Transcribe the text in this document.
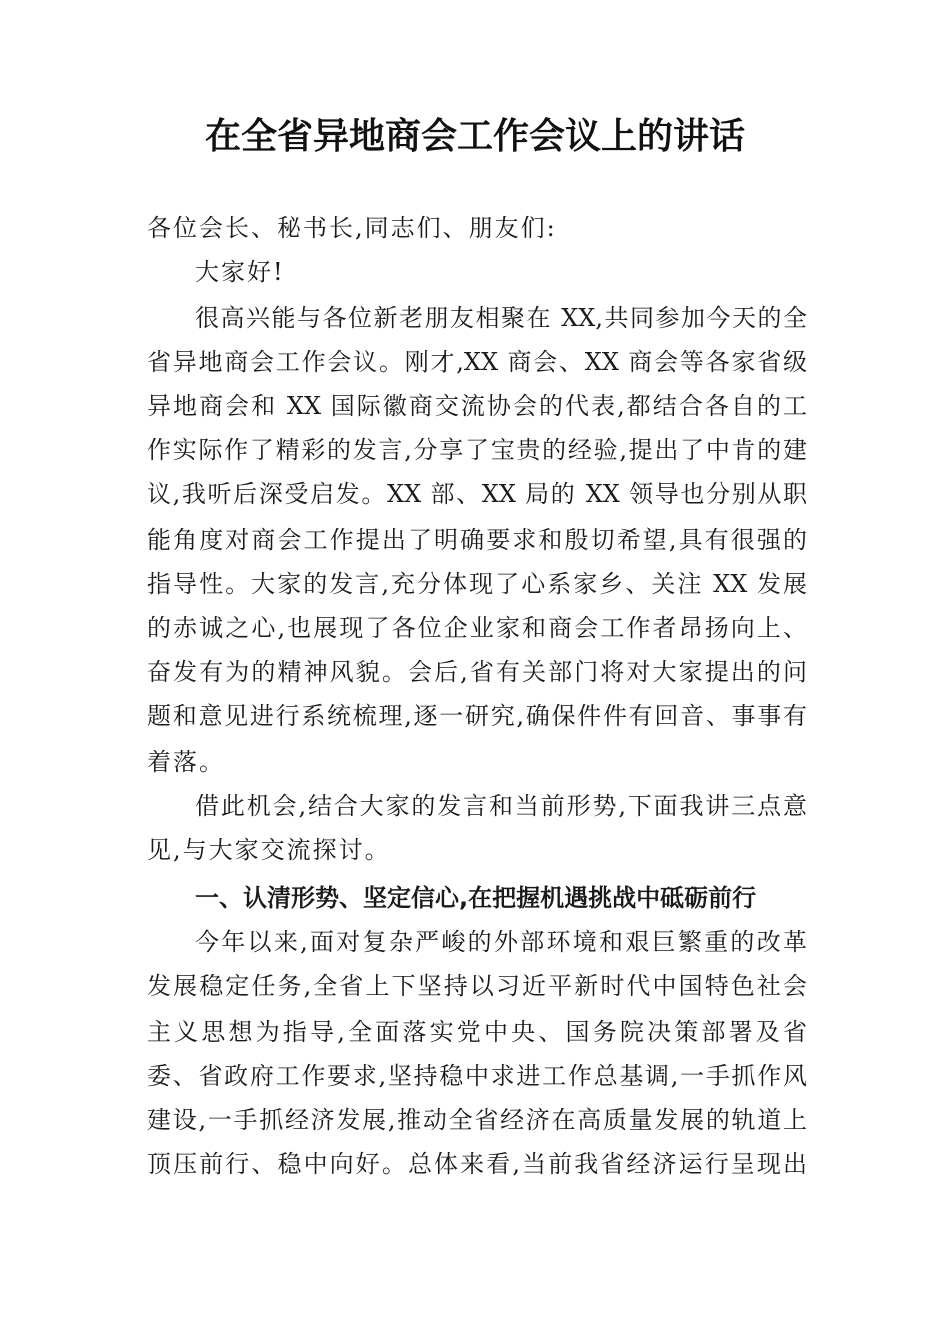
在全省异地商会工作会议上的讲话
各位会长、秘书长,同志们、朋友们:
大家好!
很高兴能与各位新老朋友相聚在 XX,共同参加今天的全
省异地商会工作会议。刚才,XX 商会、XX 商会等各家省级
异地商会和 XX 国际徽商交流协会的代表,都结合各自的工
作实际作了精彩的发言,分享了宝贵的经验,提出了中肯的建
议,我听后深受启发。XX 部、XX 局的 XX 领导也分别从职
能角度对商会工作提出了明确要求和殷切希望,具有很强的
指导性。大家的发言,充分体现了心系家乡、关注 XX 发展
的赤诚之心,也展现了各位企业家和商会工作者昂扬向上、
奋发有为的精神风貌。会后,省有关部门将对大家提出的问
题和意见进行系统梳理,逐一研究,确保件件有回音、事事有
着落。
借此机会,结合大家的发言和当前形势,下面我讲三点意
见,与大家交流探讨。
一、认清形势、坚定信心,在把握机遇挑战中砥砺前行
今年以来,面对复杂严峻的外部环境和艰巨繁重的改革
发展稳定任务,全省上下坚持以习近平新时代中国特色社会
主义思想为指导,全面落实党中央、国务院决策部署及省
委、省政府工作要求,坚持稳中求进工作总基调,一手抓作风
建设,一手抓经济发展,推动全省经济在高质量发展的轨道上
顶压前行、稳中向好。总体来看,当前我省经济运行呈现出
